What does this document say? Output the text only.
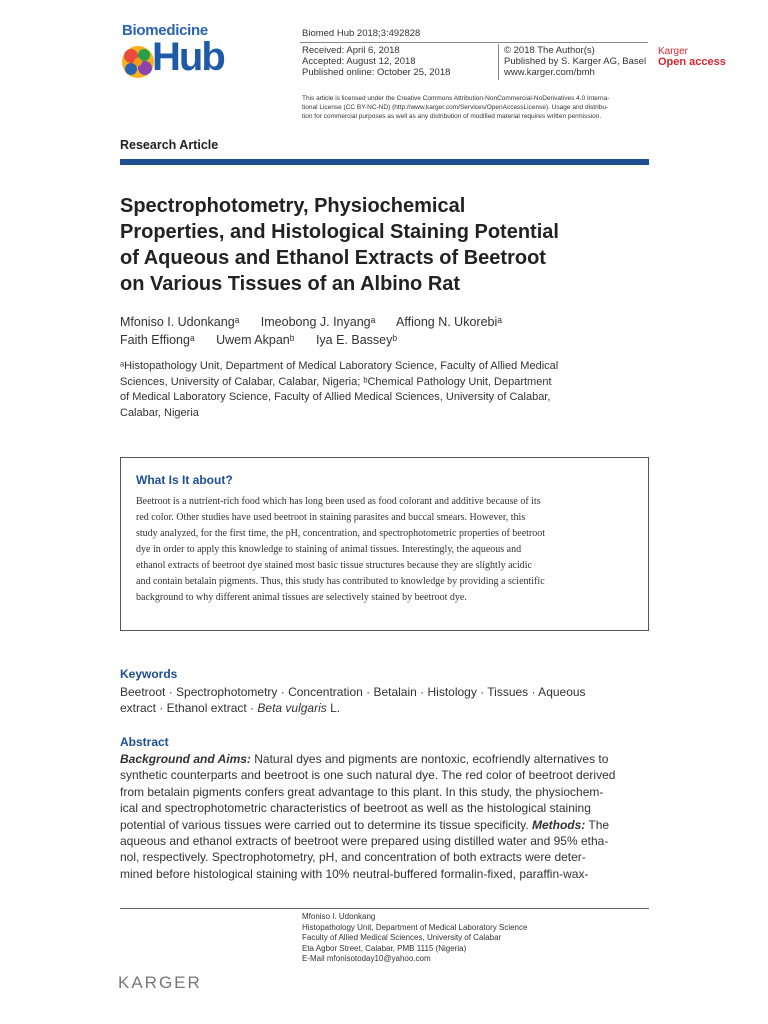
Biomedicine
Hub
Biomed Hub 2018;3:492828
Received: April 6, 2018
Accepted: August 12, 2018
Published online: October 25, 2018
© 2018 The Author(s)
Published by S. Karger AG, Basel
www.karger.com/bmh
Karger
Open access
This article is licensed under the Creative Commons Attribution-NonCommercial-NoDerivatives 4.0 Interna-
tional License (CC BY-NC-ND) (http://www.karger.com/Services/OpenAccessLicense). Usage and distribu-
tion for commercial purposes as well as any distribution of modified material requires written permission.
Research Article
Spectrophotometry, Physiochemical
Properties, and Histological Staining Potential
of Aqueous and Ethanol Extracts of Beetroot
on Various Tissues of an Albino Rat
Mfoniso I. Udonkangᵃ Imeobong J. Inyangᵃ Affiong N. Ukorebiᵃ
Faith Effiongᵃ Uwem Akpanᵇ Iya E. Basseyᵇ
ᵃHistopathology Unit, Department of Medical Laboratory Science, Faculty of Allied Medical
Sciences, University of Calabar, Calabar, Nigeria; ᵇChemical Pathology Unit, Department
of Medical Laboratory Science, Faculty of Allied Medical Sciences, University of Calabar,
Calabar, Nigeria
What Is It about?
Beetroot is a nutrient-rich food which has long been used as food colorant and additive because of its
red color. Other studies have used beetroot in staining parasites and buccal smears. However, this
study analyzed, for the first time, the pH, concentration, and spectrophotometric properties of beetroot
dye in order to apply this knowledge to staining of animal tissues. Interestingly, the aqueous and
ethanol extracts of beetroot dye stained most basic tissue structures because they are slightly acidic
and contain betalain pigments. Thus, this study has contributed to knowledge by providing a scientific
background to why different animal tissues are selectively stained by beetroot dye.
Keywords
Beetroot · Spectrophotometry · Concentration · Betalain · Histology · Tissues · Aqueous
extract · Ethanol extract · Beta vulgaris L.
Abstract
Background and Aims: Natural dyes and pigments are nontoxic, ecofriendly alternatives to
synthetic counterparts and beetroot is one such natural dye. The red color of beetroot derived
from betalain pigments confers great advantage to this plant. In this study, the physiochem-
ical and spectrophotometric characteristics of beetroot as well as the histological staining
potential of various tissues were carried out to determine its tissue specificity. Methods: The
aqueous and ethanol extracts of beetroot were prepared using distilled water and 95% etha-
nol, respectively. Spectrophotometry, pH, and concentration of both extracts were deter-
mined before histological staining with 10% neutral-buffered formalin-fixed, paraffin-wax-
Mfoniso I. Udonkang
Histopathology Unit, Department of Medical Laboratory Science
Faculty of Allied Medical Sciences, University of Calabar
Eta Agbor Street, Calabar, PMB 1115 (Nigeria)
E-Mail mfonisotoday10@yahoo.com
KARGER
